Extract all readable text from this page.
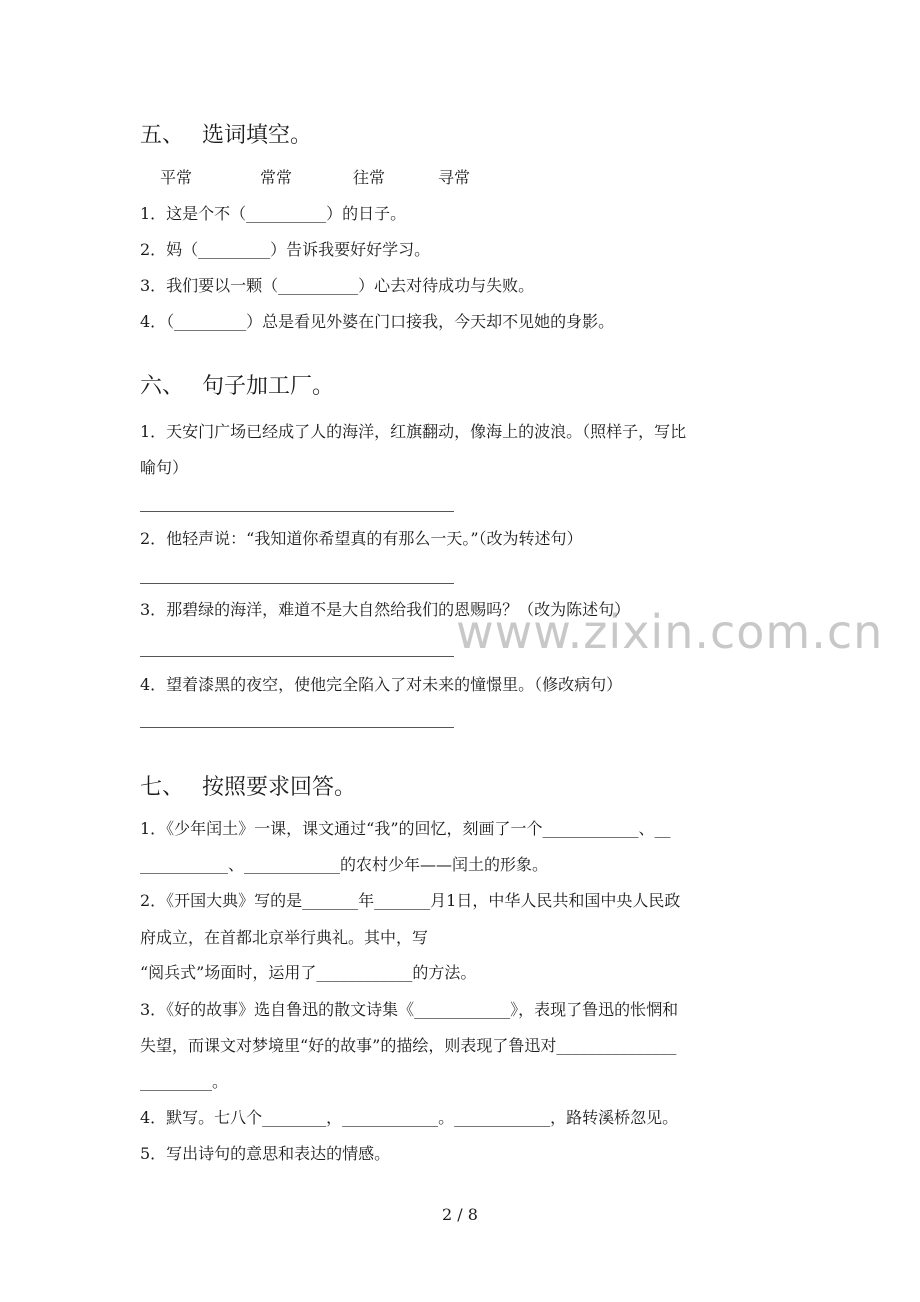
www.zixin.com.cn
五、 选词填空。
平常	常常	往常	寻常
1．这是个不（__________）的日子。
2．妈（_________）告诉我要好好学习。
3．我们要以一颗（__________）心去对待成功与失败。
4．（_________）总是看见外婆在门口接我，今天却不见她的身影。
六、 句子加工厂。
1．天安门广场已经成了人的海洋，红旗翻动，像海上的波浪。（照样子，写比
喻句）
2．他轻声说：“我知道你希望真的有那么一天。”（改为转述句）
3．那碧绿的海洋，难道不是大自然给我们的恩赐吗？（改为陈述句）
4．望着漆黑的夜空，使他完全陷入了对未来的憧憬里。（修改病句）
七、 按照要求回答。
1．《少年闰土》一课，课文通过“我”的回忆，刻画了一个____________、__
___________、____________的农村少年——闰土的形象。
2．《开国大典》写的是_______年_______月1日，中华人民共和国中央人民政
府成立，在首都北京举行典礼。其中，写
“阅兵式”场面时，运用了____________的方法。
3．《好的故事》选自鲁迅的散文诗集《____________》，表现了鲁迅的怅惘和
失望，而课文对梦境里“好的故事”的描绘，则表现了鲁迅对_______________
_________。
4．默写。七八个________，____________。____________，路转溪桥忽见。
5．写出诗句的意思和表达的情感。
2 / 8
